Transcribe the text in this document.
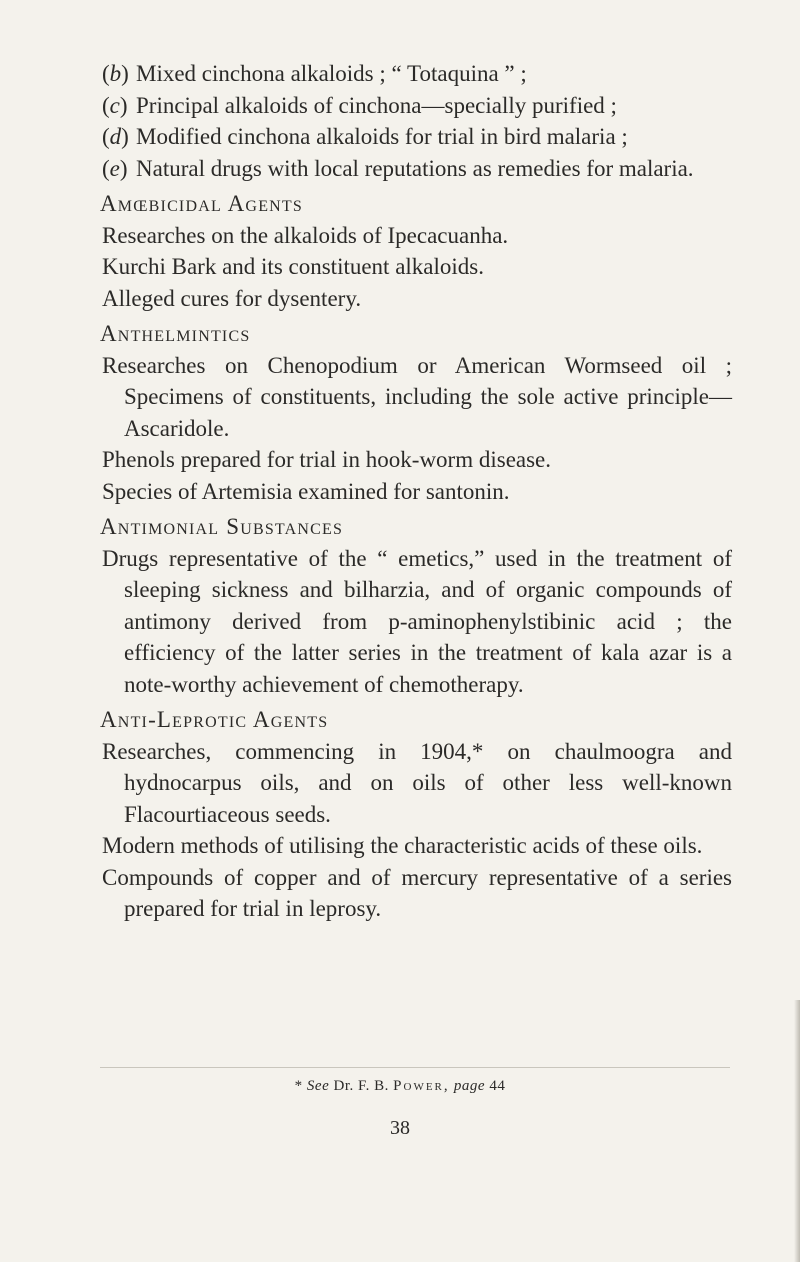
(b) Mixed cinchona alkaloids ; “ Totaquina ” ;
(c) Principal alkaloids of cinchona—specially purified ;
(d) Modified cinchona alkaloids for trial in bird malaria ;
(e) Natural drugs with local reputations as remedies for malaria.
Amœbicidal Agents
Researches on the alkaloids of Ipecacuanha.
Kurchi Bark and its constituent alkaloids.
Alleged cures for dysentery.
Anthelmintics
Researches on Chenopodium or American Wormseed oil ; Specimens of constituents, including the sole active principle—Ascaridole.
Phenols prepared for trial in hook-worm disease.
Species of Artemisia examined for santonin.
Antimonial Substances
Drugs representative of the “ emetics,” used in the treatment of sleeping sickness and bilharzia, and of organic compounds of antimony derived from p-aminophenylstibinic acid ; the efficiency of the latter series in the treatment of kala azar is a note-worthy achievement of chemotherapy.
Anti-Leprotic Agents
Researches, commencing in 1904,* on chaulmoogra and hydnocarpus oils, and on oils of other less well-known Flacourtiaceous seeds.
Modern methods of utilising the characteristic acids of these oils.
Compounds of copper and of mercury representative of a series prepared for trial in leprosy.
* See Dr. F. B. Power, page 44
38
